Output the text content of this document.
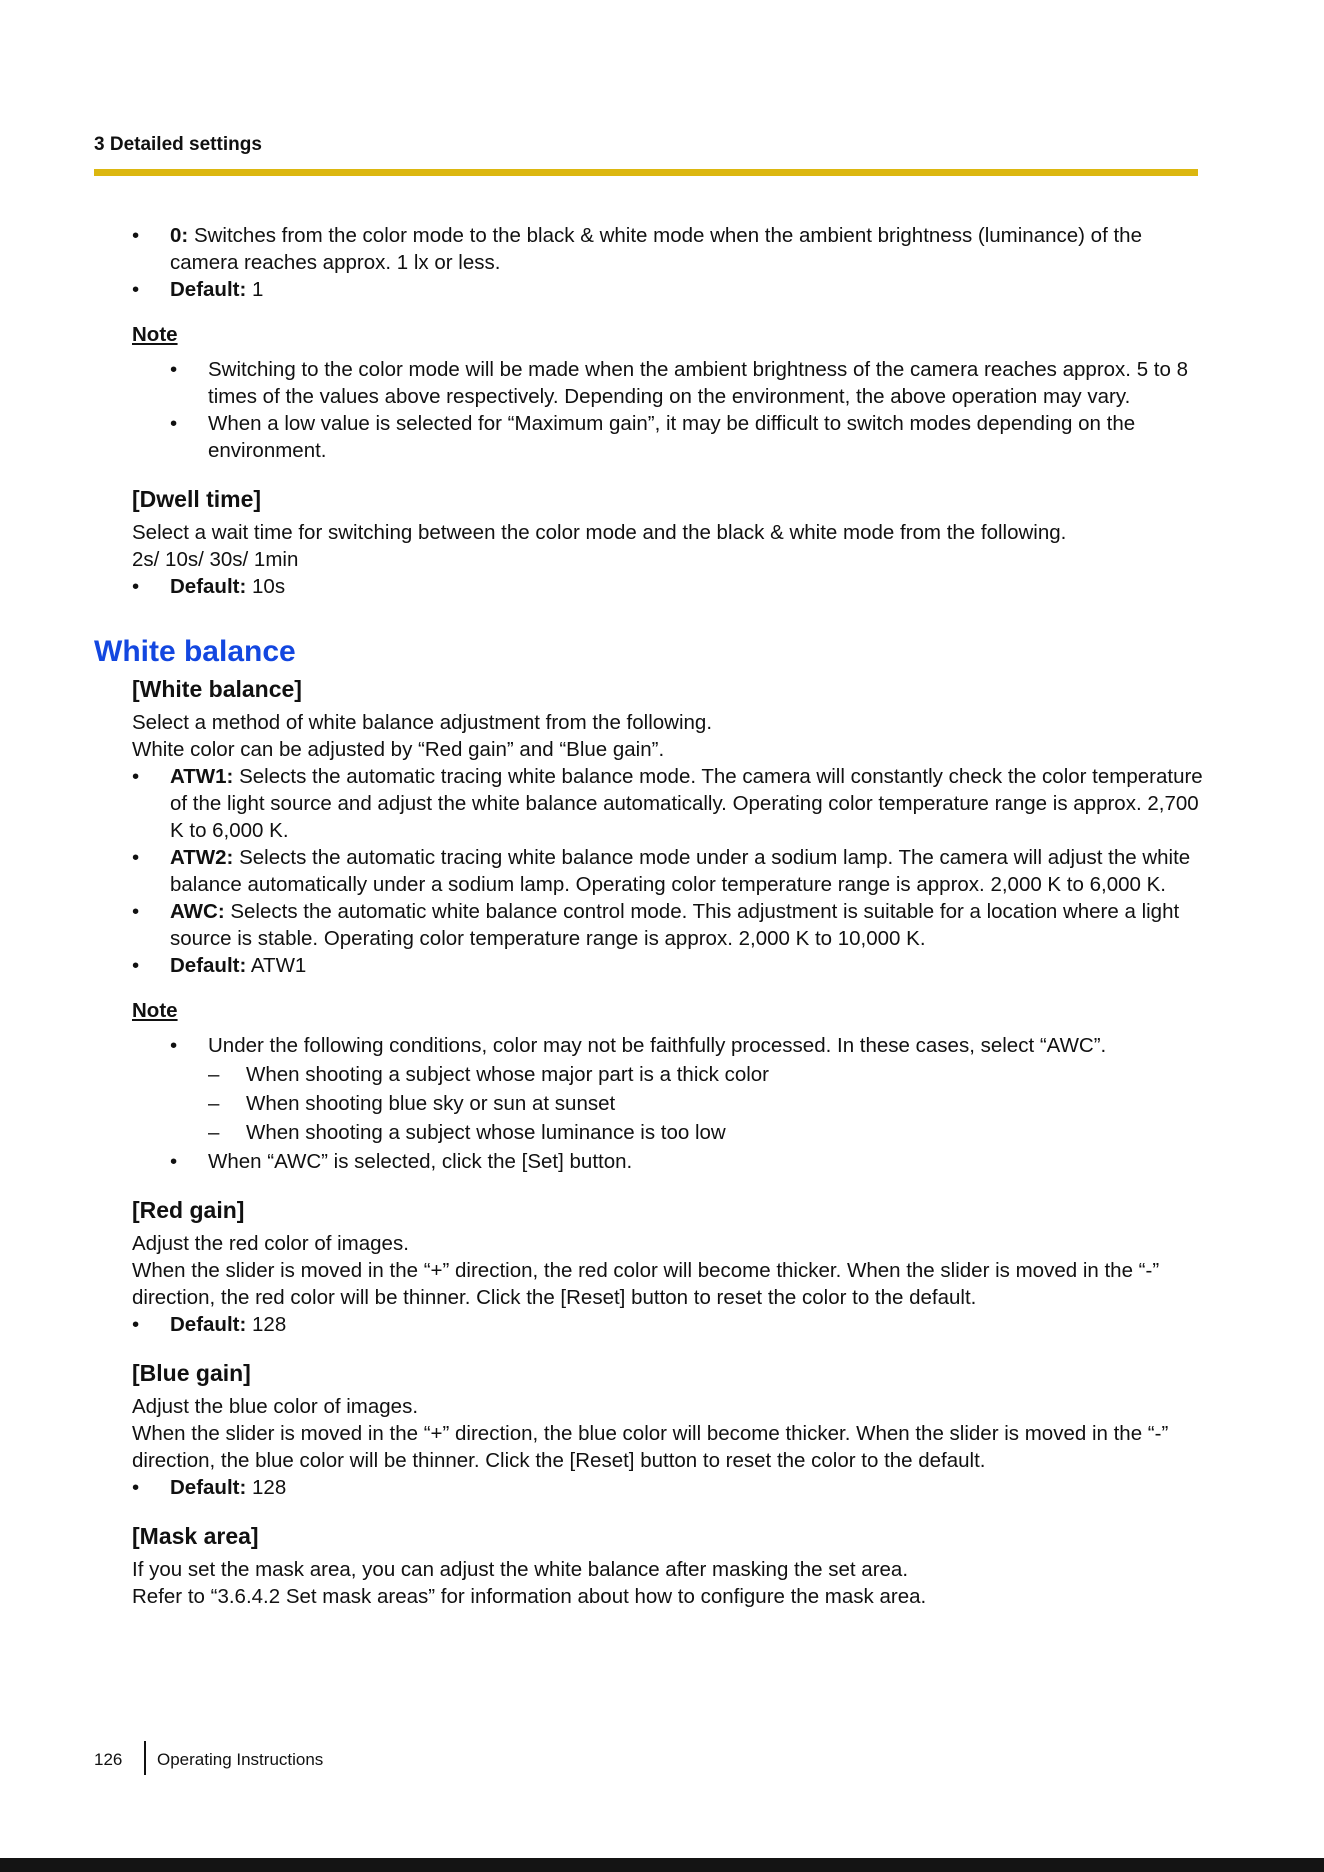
3 Detailed settings

• 0: Switches from the color mode to the black & white mode when the ambient brightness (luminance) of the camera reaches approx. 1 lx or less.

• Default: 1

Note

• Switching to the color mode will be made when the ambient brightness of the camera reaches approx. 5 to 8 times of the values above respectively. Depending on the environment, the above operation may vary.

• When a low value is selected for “Maximum gain”, it may be difficult to switch modes depending on the environment.

[Dwell time]

Select a wait time for switching between the color mode and the black & white mode from the following.

2s/ 10s/ 30s/ 1min

• Default: 10s

White balance

[White balance]

Select a method of white balance adjustment from the following.

White color can be adjusted by “Red gain” and “Blue gain”.

• ATW1: Selects the automatic tracing white balance mode. The camera will constantly check the color temperature of the light source and adjust the white balance automatically. Operating color temperature range is approx. 2,700 K to 6,000 K.

• ATW2: Selects the automatic tracing white balance mode under a sodium lamp. The camera will adjust the white balance automatically under a sodium lamp. Operating color temperature range is approx. 2,000 K to 6,000 K.

• AWC: Selects the automatic white balance control mode. This adjustment is suitable for a location where a light source is stable. Operating color temperature range is approx. 2,000 K to 10,000 K.

• Default: ATW1

Note

• Under the following conditions, color may not be faithfully processed. In these cases, select “AWC”.

– When shooting a subject whose major part is a thick color

– When shooting blue sky or sun at sunset

– When shooting a subject whose luminance is too low

• When “AWC” is selected, click the [Set] button.

[Red gain]

Adjust the red color of images.

When the slider is moved in the “+” direction, the red color will become thicker. When the slider is moved in the “-” direction, the red color will be thinner. Click the [Reset] button to reset the color to the default.

• Default: 128

[Blue gain]

Adjust the blue color of images.

When the slider is moved in the “+” direction, the blue color will become thicker. When the slider is moved in the “-” direction, the blue color will be thinner. Click the [Reset] button to reset the color to the default.

• Default: 128

[Mask area]

If you set the mask area, you can adjust the white balance after masking the set area.

Refer to “3.6.4.2 Set mask areas” for information about how to configure the mask area.

126 Operating Instructions
